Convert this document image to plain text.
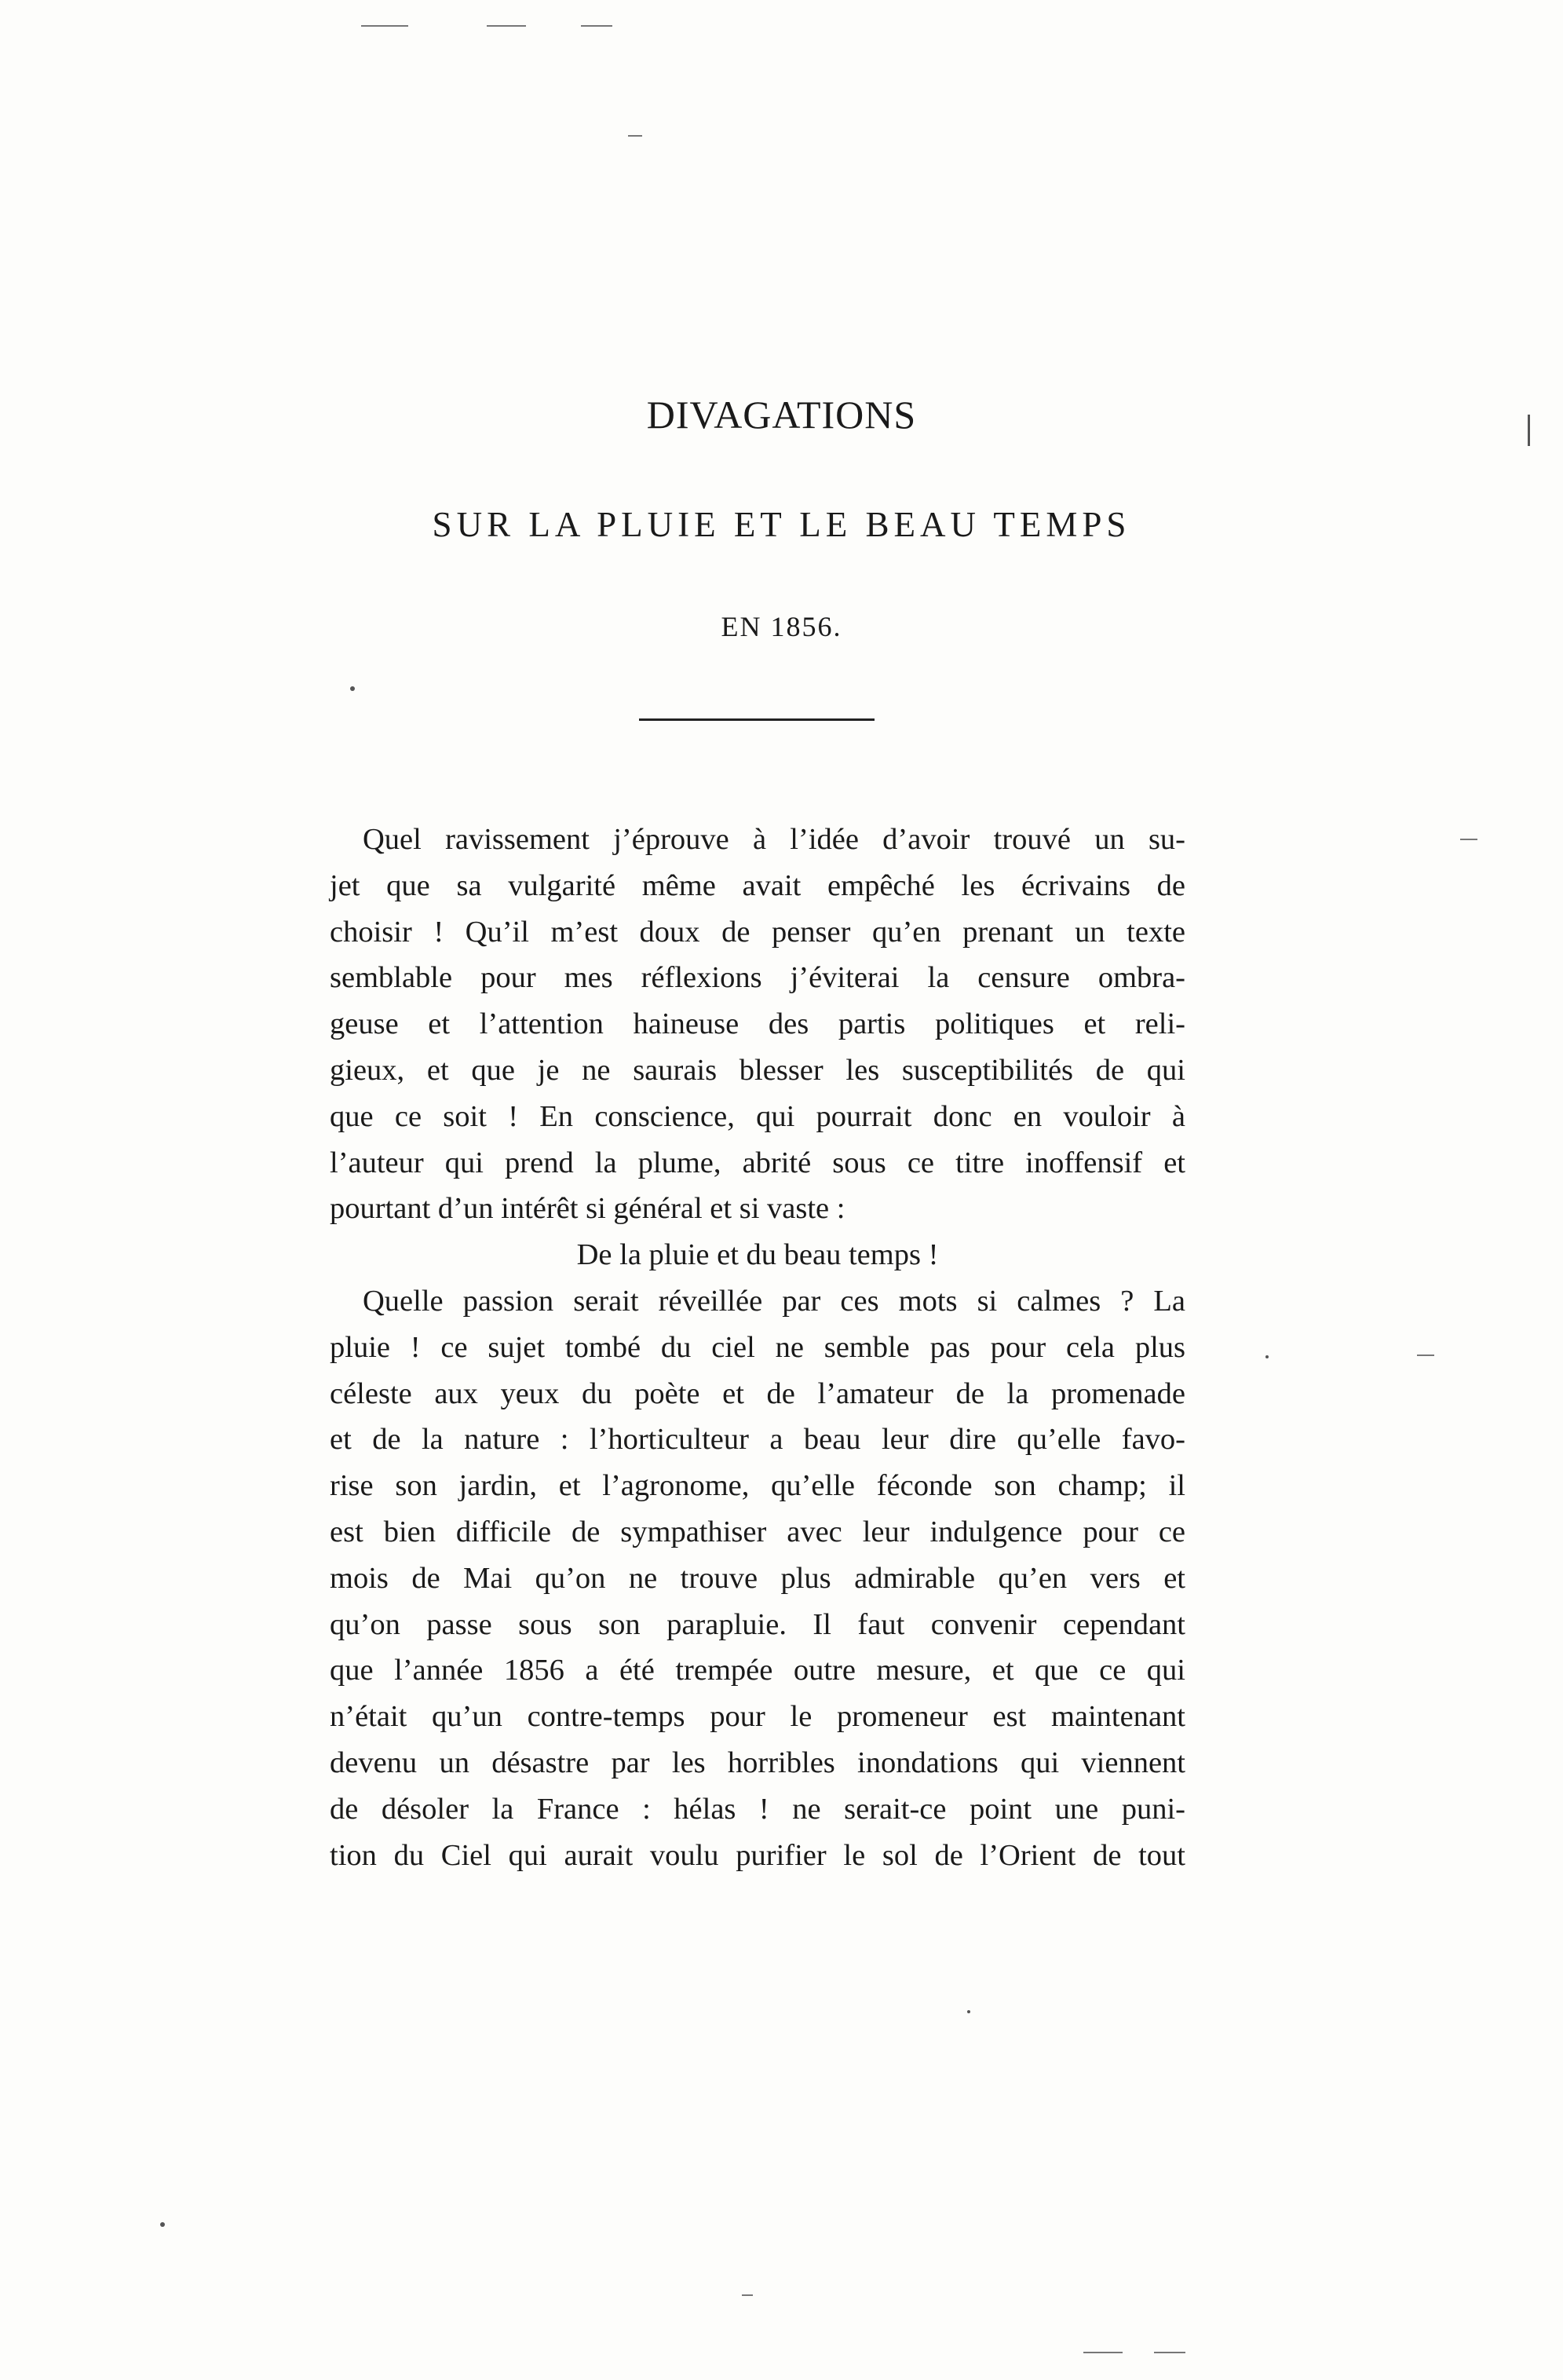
DIVAGATIONS
SUR LA PLUIE ET LE BEAU TEMPS
EN 1856.
Quel ravissement j’éprouve à l’idée d’avoir trouvé un su-
jet que sa vulgarité même avait empêché les écrivains de
choisir ! Qu’il m’est doux de penser qu’en prenant un texte
semblable pour mes réflexions j’éviterai la censure ombra-
geuse et l’attention haineuse des partis politiques et reli-
gieux, et que je ne saurais blesser les susceptibilités de qui
que ce soit ! En conscience, qui pourrait donc en vouloir à
l’auteur qui prend la plume, abrité sous ce titre inoffensif et
pourtant d’un intérêt si général et si vaste :
De la pluie et du beau temps !
Quelle passion serait réveillée par ces mots si calmes ? La
pluie ! ce sujet tombé du ciel ne semble pas pour cela plus
céleste aux yeux du poète et de l’amateur de la promenade
et de la nature : l’horticulteur a beau leur dire qu’elle favo-
rise son jardin, et l’agronome, qu’elle féconde son champ; il
est bien difficile de sympathiser avec leur indulgence pour ce
mois de Mai qu’on ne trouve plus admirable qu’en vers et
qu’on passe sous son parapluie. Il faut convenir cependant
que l’année 1856 a été trempée outre mesure, et que ce qui
n’était qu’un contre-temps pour le promeneur est maintenant
devenu un désastre par les horribles inondations qui viennent
de désoler la France : hélas ! ne serait-ce point une puni-
tion du Ciel qui aurait voulu purifier le sol de l’Orient de tout
